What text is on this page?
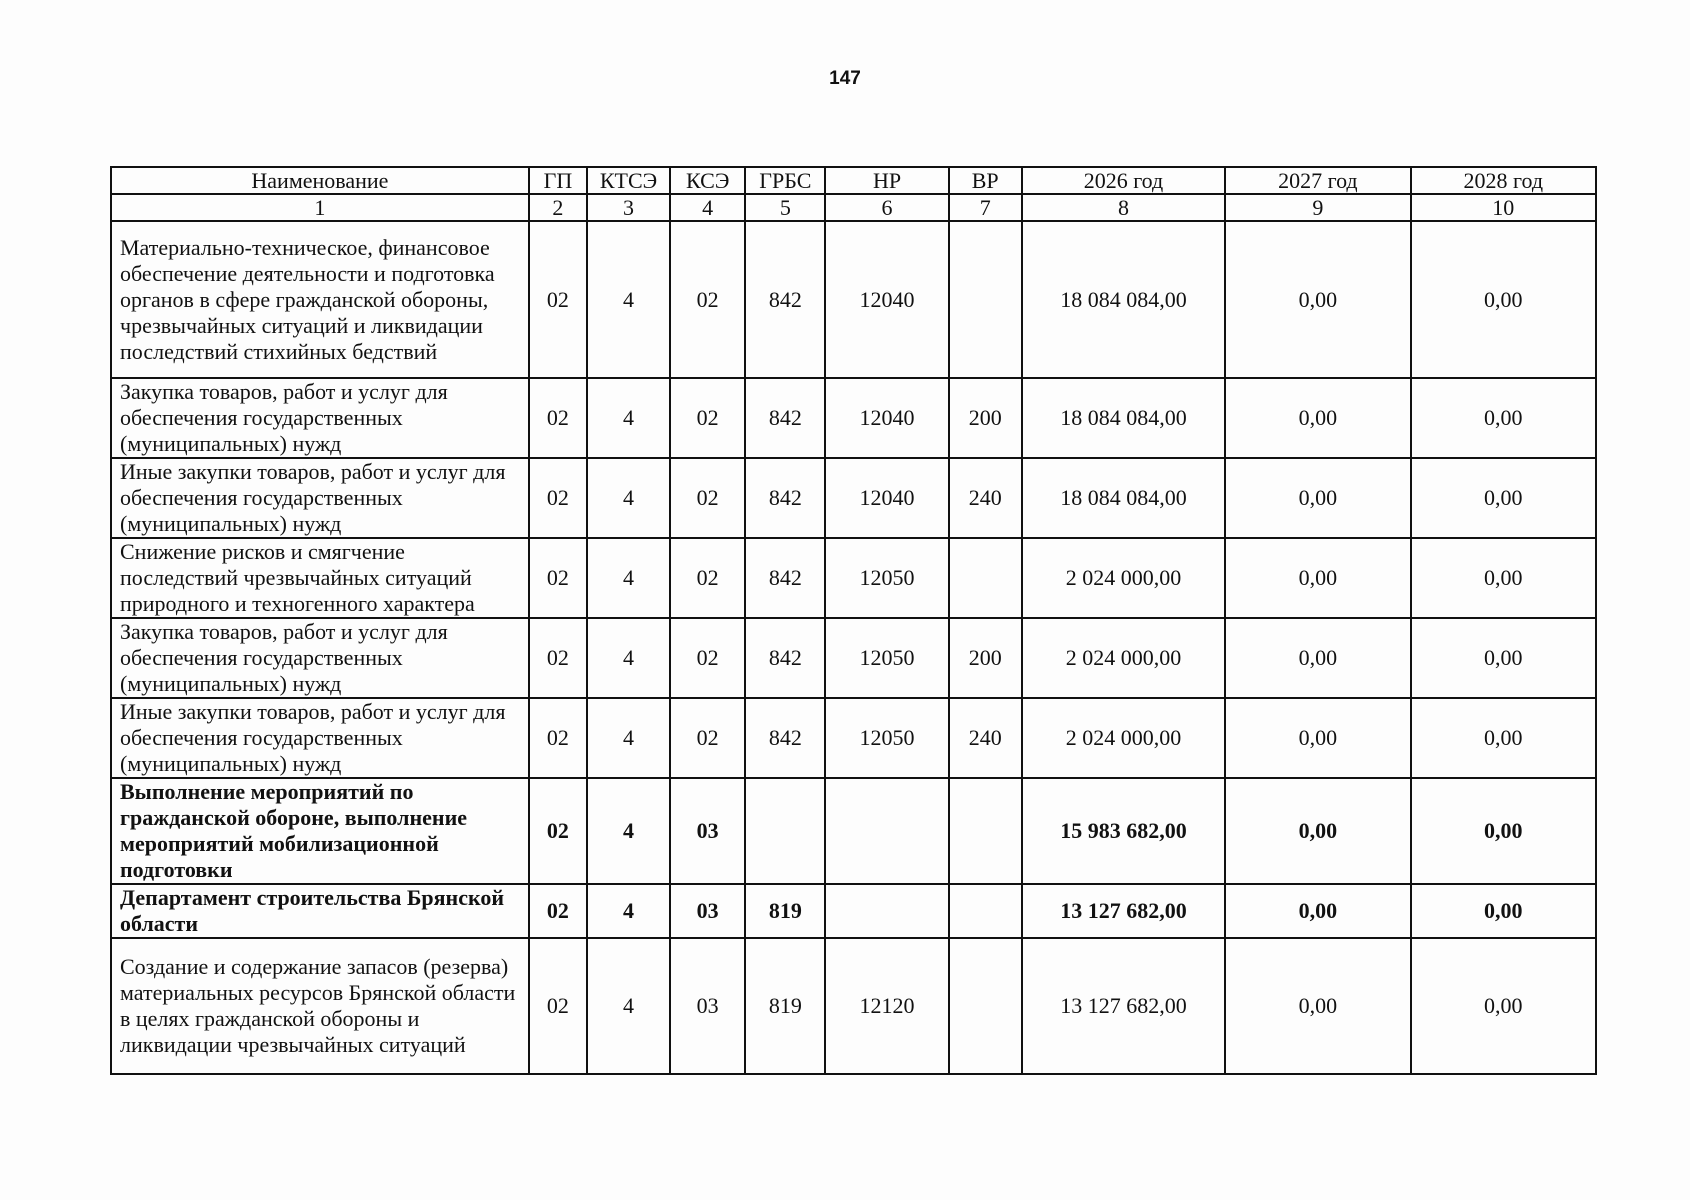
147
Наименование	ГП	КТСЭ	КСЭ	ГРБС	НР	ВР	2026 год	2027 год	2028 год
1	2	3	4	5	6	7	8	9	10
Материально-техническое, финансовое обеспечение деятельности и подготовка органов в сфере гражданской обороны, чрезвычайных ситуаций и ликвидации последствий стихийных бедствий	02	4	02	842	12040		18 084 084,00	0,00	0,00
Закупка товаров, работ и услуг для обеспечения государственных (муниципальных) нужд	02	4	02	842	12040	200	18 084 084,00	0,00	0,00
Иные закупки товаров, работ и услуг для обеспечения государственных (муниципальных) нужд	02	4	02	842	12040	240	18 084 084,00	0,00	0,00
Снижение рисков и смягчение последствий чрезвычайных ситуаций природного и техногенного характера	02	4	02	842	12050		2 024 000,00	0,00	0,00
Закупка товаров, работ и услуг для обеспечения государственных (муниципальных) нужд	02	4	02	842	12050	200	2 024 000,00	0,00	0,00
Иные закупки товаров, работ и услуг для обеспечения государственных (муниципальных) нужд	02	4	02	842	12050	240	2 024 000,00	0,00	0,00
Выполнение мероприятий по гражданской обороне, выполнение мероприятий мобилизационной подготовки	02	4	03				15 983 682,00	0,00	0,00
Департамент строительства Брянской области	02	4	03	819			13 127 682,00	0,00	0,00
Создание и содержание запасов (резерва) материальных ресурсов Брянской области в целях гражданской обороны и ликвидации чрезвычайных ситуаций	02	4	03	819	12120		13 127 682,00	0,00	0,00
